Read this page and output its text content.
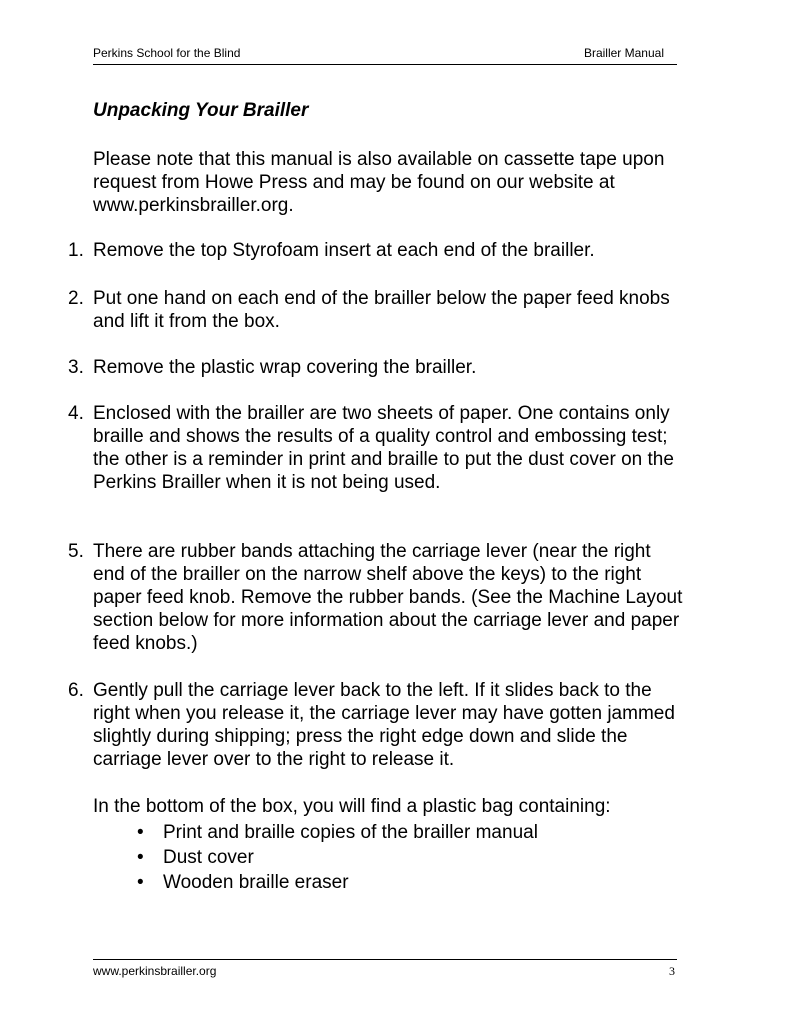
Perkins School for the Blind	Brailler Manual
Unpacking Your Brailler

Please note that this manual is also available on cassette tape upon request from Howe Press and may be found on our website at www.perkinsbrailler.org.

1. Remove the top Styrofoam insert at each end of the brailler.
2. Put one hand on each end of the brailler below the paper feed knobs and lift it from the box.
3. Remove the plastic wrap covering the brailler.
4. Enclosed with the brailler are two sheets of paper. One contains only braille and shows the results of a quality control and embossing test; the other is a reminder in print and braille to put the dust cover on the Perkins Brailler when it is not being used.
5. There are rubber bands attaching the carriage lever (near the right end of the brailler on the narrow shelf above the keys) to the right paper feed knob. Remove the rubber bands. (See the Machine Layout section below for more information about the carriage lever and paper feed knobs.)
6. Gently pull the carriage lever back to the left. If it slides back to the right when you release it, the carriage lever may have gotten jammed slightly during shipping; press the right edge down and slide the carriage lever over to the right to release it.

In the bottom of the box, you will find a plastic bag containing:

• Print and braille copies of the brailler manual
• Dust cover
• Wooden braille eraser
www.perkinsbrailler.org	3
